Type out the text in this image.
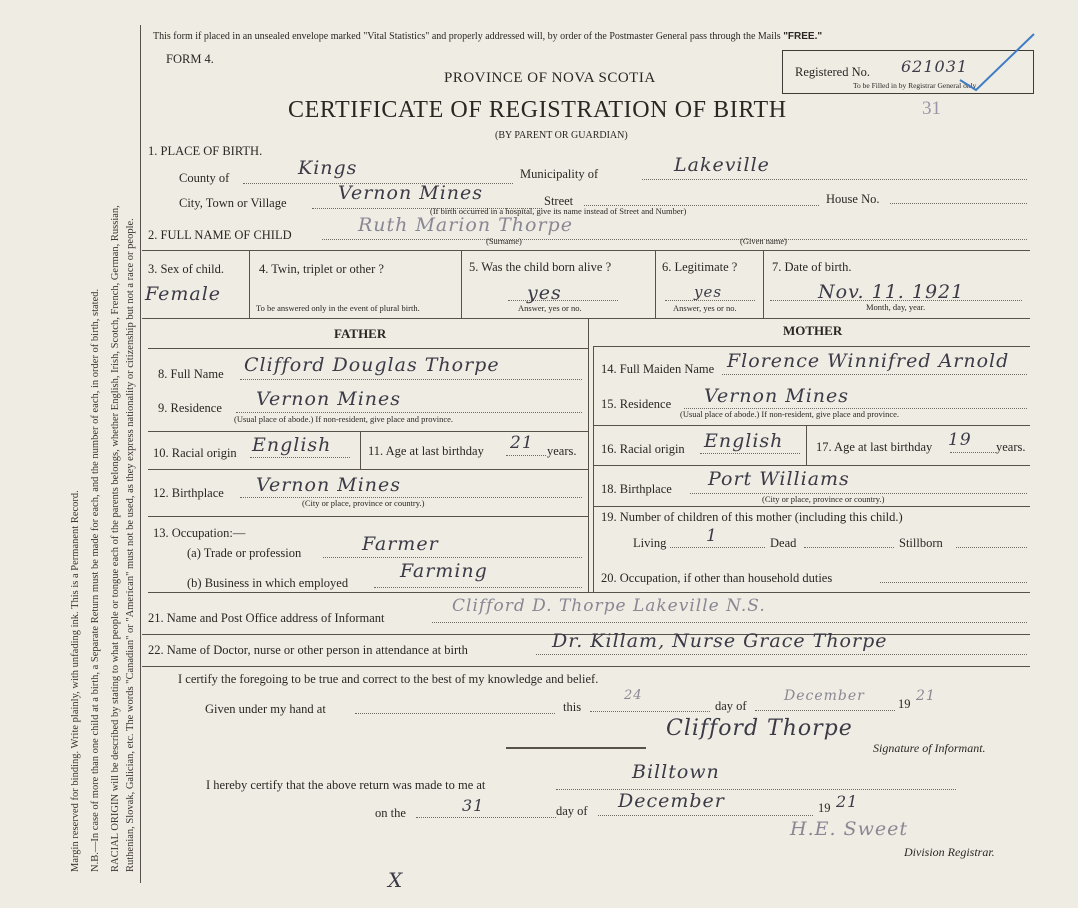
Margin reserved for binding. Write plainly, with unfading ink. This is a Permanent Record. N.B.—In case of more than one child at a birth, a Separate Return must be made for each, and the number of each, in order of birth, stated. RACIAL ORIGIN will be described by stating to what people or tongue each of the parents belongs, whether English, Irish, Scotch, French, German, Russian, Ruthenian, Slovak, Galician, etc. The words "Canadian" or "American" must not be used, as they express nationality or citizenship but not a race or people.
This form if placed in an unsealed envelope marked "Vital Statistics" and properly addressed will, by order of the Postmaster General pass through the Mails "FREE."
FORM 4.
Registered No. 621031
To be Filled in by Registrar General only
PROVINCE OF NOVA SCOTIA
CERTIFICATE OF REGISTRATION OF BIRTH	31
(BY PARENT OR GUARDIAN)
1. PLACE OF BIRTH.
County of	Kings	Municipality of	Lakeville
City, Town or Village	Vernon Mines	Street	House No.
(If birth occurred in a hospital, give its name instead of Street and Number)
2. FULL NAME OF CHILD	Ruth Marion Thorpe
(Surname)	(Given name)
3. Sex of child.
Female
4. Twin, triplet or other ?
To be answered only in the event of plural birth.
5. Was the child born alive ?
yes
Answer, yes or no.
6. Legitimate ?
yes
Answer, yes or no.
7. Date of birth.
Nov. 11. 1921
Month, day, year.
FATHER	MOTHER
8. Full Name Clifford Douglas Thorpe
9. Residence Vernon Mines
(Usual place of abode.) If non-resident, give place and province.
10. Racial origin English	11. Age at last birthday 21 years.
12. Birthplace Vernon Mines
(City or place, province or country.)
13. Occupation:—
(a) Trade or profession	Farmer
(b) Business in which employed
Farming
14. Full Maiden Name Florence Winnifred Arnold
15. Residence Vernon Mines
(Usual place of abode.) If non-resident, give place and province.
16. Racial origin English	17. Age at last birthday 19 years.
18. Birthplace Port Williams
(City or place, province or country.)
19. Number of children of this mother (including this child.)
Living 1	Dead	Stillborn
20. Occupation, if other than household duties
21. Name and Post Office address of Informant
Clifford D. Thorpe Lakeville N.S.
22. Name of Doctor, nurse or other person in attendance at birth	Dr. Killam, Nurse Grace Thorpe
I certify the foregoing to be true and correct to the best of my knowledge and belief.
Given under my hand at	this
24
day of
December	19 21
Clifford Thorpe
Signature of Informant.
I hereby certify that the above return was made to me at
Billtown
on the	31	day of December	19 21
H.E. Sweet
Division Registrar.
X
